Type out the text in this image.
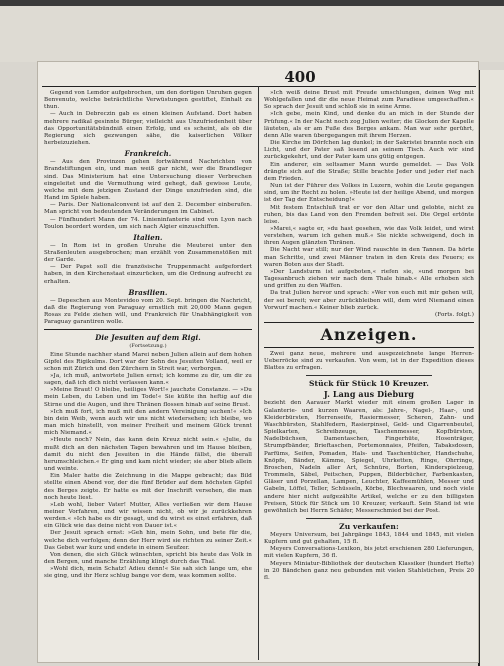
400

Gegend von Lemdor aufgebrochen, um den dortigen Unruhen gegen Benvenuto, welche beträchtliche Verwüstungen gestiftet, Einhalt zu thun.

— Auch in Debreczin gab es einen kleinen Aufstand. Dort haben mehrere radikal gesinnte Bürger, vielleicht aus Unzufriedenheit über das Opportunitätsbündniß einen Erfolg, und es scheint, als ob die Regierung sich gezwungen sähe, die kaiserlichen Völker herbeizuziehen.

Frankreich.

— Aus den Provinzen gehen fortwährend Nachrichten von Brandstiftungen ein, und man weiß gar nicht, wer die Brandleger sind. Das Ministerium hat eine Untersuchung dieser Verbrechen eingeleitet und die Vermuthung wird gehegt, daß gewisse Leute, welche mit dem jetzigen Zustand der Dinge unzufrieden sind, die Hand im Spiele haben.

— Paris. Der Nationalconvent ist auf den 2. December einberufen. Man spricht von bedeutenden Veränderungen im Cabinet.

— Fünfhundert Mann der 74. Linieninfanterie sind von Lyon nach Toulon beordert worden, um sich nach Algier einzuschiffen.

Italien.

— In Rom ist in großen Unruhe die Meuterei unter den Straßenleuten ausgebrochen; man erzählt von Zusammenstößen mit der Garde.

— Der Papst soll die französische Truppenmacht aufgefordert haben, in den Kirchenstaat einzurücken, um die Ordnung aufrecht zu erhalten.

Brasilien.

— Depeschen aus Montevideo vom 20. Sept. bringen die Nachricht, daß die Regierung von Paraguay ernstlich mit 20,000 Mann gegen Rosas zu Felde ziehen will, und Frankreich für Unabhängigkeit von Paraguay garantiren wolle.

Die Jesuiten auf dem Rigi.
(Fortsetzung.)

Eine Stunde nachher stand Marei neben Julien allein auf dem hohen Gipfel des Rigikulms. Dort war der Sohn des Jesuiten Volland, weil er schon mit Zürich und den Zürchern in Streit war, verborgen.

»Ja, ich muß, antwortete Julien ernst; ich komme zu dir, um dir zu sagen, daß ich dich nicht verlassen kann.«

»Meine Braut! O bleibe, heiliges Wort!« jauchzte Constanze. — »Du mein Leben, du Leben und im Tode!« Sie küßte ihn heftig auf die Stirne und die Augen, und ihre Thränen flossen hinab auf seine Brust.

»Ich muß fort, ich muß mit den andern Vereinigung suchen!« »Ich bin dein Weib, wenn auch wir uns nicht wiedersehen; ich bleibe, wo man mich hinstellt, von meiner Freiheit und meinem Glück trennt mich Niemand.«

»Heute noch? Nein, das kann dein Kreuz nicht sein.« »Julie, du mußt dich an den nächsten Tagen bewahren und im Hause bleiben, damit du nicht den Jesuiten in die Hände fällst, die überall herumschleichen.« Er ging und kam nicht wieder; sie aber blieb allein und weinte.

Ein Maler hatte die Zeichnung in die Mappe gebracht; das Bild stellte einen Abend vor, der die fünf Brüder auf dem höchsten Gipfel des Berges zeigte. Er hatte es mit der Inschrift versehen, die man noch heute liest.

»Leb wohl, lieber Vater! Mutter, Alles verließen wir dem Hause meiner Vorfahren, und wir wissen nicht, ob wir je zurückkehren werden.« »Ich habe es dir gesagt, und du wirst es einst erfahren, daß ein Glück wie das deine nicht von Dauer ist.«

Der Jesuit sprach ernst: »Geh hin, mein Sohn, und bete für die, welche dich verfolgen; denn der Herr wird sie richten zu seiner Zeit.« Das Gebet war kurz und endete in einem Seufzer.

Von denen, die sich Glück wünschten, spricht bis heute das Volk in den Bergen, und manche Erzählung klingt durch das Thal.

»Wohl dich, mein Schatz! Adieu denn!« Sie sah sich lange um, ehe sie ging, und ihr Herz schlug bange vor dem, was kommen sollte.

»Ich weiß deine Brust mit Freude umschlungen, deinen Weg mit Wohlgefallen und dir die neue Heimat zum Paradiese umgeschaffen.« So sprach der Jesuit und schloß sie in seine Arme.

»Ich gebe, mein Kind, und denke du an mich in der Stunde der Prüfung.« In der Nacht noch zog Julien weiter; die Glocken der Kapelle läuteten, als er am Fuße des Berges ankam. Man war sehr gerührt, denn Alle waren übergegangen mit ihrem Herzen.

Die Kirche im Dörfchen lag dunkel; in der Sakristei brannte noch ein Licht, und der Pater saß lesend an seinem Tisch. Auch wir sind zurückgekehrt, und der Pater kam uns gütig entgegen.

Ein anderer, ein seltsamer Mann wurde gemeldet. — Das Volk drängte sich auf die Straße; Stille brachte Jeder und jeder rief nach dem Frieden.

Nun ist der Führer des Volkes in Luzern, wohin die Leute gegangen sind, um ihr Recht zu holen. »Heute ist der heilige Abend, und morgen ist der Tag der Entscheidung!«

Mit festem Entschluß trat er vor den Altar und gelobte, nicht zu ruhen, bis das Land von den Fremden befreit sei. Die Orgel ertönte leise.

»Marei,« sagte er, »du hast gesehen, wie das Volk leidet, und wirst verstehen, warum ich gehen muß.« Sie nickte schweigend, doch in ihren Augen glänzten Thränen.

Die Nacht war still; nur der Wind rauschte in den Tannen. Da hörte man Schritte, und zwei Männer traten in den Kreis des Feuers; es waren Boten aus der Stadt.

»Der Landsturm ist aufgeboten,« riefen sie, »und morgen bei Tagesanbruch ziehen wir nach dem Thale hinab.« Alle erhoben sich und griffen zu den Waffen.

Da trat Julien hervor und sprach: »Wer von euch mit mir gehen will, der sei bereit; wer aber zurückbleiben will, dem wird Niemand einen Vorwurf machen.« Keiner blieb zurück.

(Forts. folgt.)
Anzeigen.

Zwei ganz neue, mehrere und ausgezeichnete lange Herren-Ueberröcke sind zu verkaufen. Von wem, ist in der Expedition dieses Blattes zu erfragen.

Stück für Stück 10 Kreuzer.
J. Lang aus Dieburg

bezieht den Aarauer Markt wieder mit einem großen Lager in Galanterie- und kurzen Waaren, als: Jahre-, Nagel-, Haar-, und Kleiderbürsten, Herrenseife, Rasiermesser, Scheren, Zahn- und Waschbürsten, Stahlfedern, Rasierpinsel, Geld- und Cigarrenbeutel, Spielkarten, Schreibzeuge, Taschenmesser, Kopfbürsten, Nadelbüchsen, Damentaschen, Fingerhüte, Hosenträger, Strumpfbänder, Brieftaschen, Portemonnaies, Pfeifen, Tabaksdosen, Parfüms, Seifen, Pomaden, Hals- und Taschentücher, Handschuhe, Knöpfe, Bänder, Kämme, Spiegel, Uhrketten, Ringe, Ohrringe, Broschen, Nadeln aller Art, Schnüre, Borten, Kinderspielzeug, Trommeln, Säbel, Peitschen, Puppen, Bilderbücher, Farbenkasten, Gläser und Porzellan, Lampen, Leuchter, Kaffeemühlen, Messer und Gabeln, Löffel, Teller, Schüsseln, Körbe, Blechwaaren, und noch viele andere hier nicht aufgezählte Artikel, welche er zu den billigsten Preisen, Stück für Stück um 10 Kreuzer, verkauft. Sein Stand ist wie gewöhnlich bei Herrn Schäfer, Messerschmied bei der Post.

Zu verkaufen:

Meyers Universum, bei Jahrgänge 1843, 1844 und 1845, mit vielen Kupfern und gut gehalten, 15 fl.

Meyers Conversations-Lexikon, bis jetzt erschienen 280 Lieferungen, mit vielen Kupfern, 36 fl.

Meyers Miniatur-Bibliothek der deutschen Klassiker (hundert Hefte) in 20 Bändchen ganz neu gebunden mit vielen Stahlstichen, Preis 20 fl.
